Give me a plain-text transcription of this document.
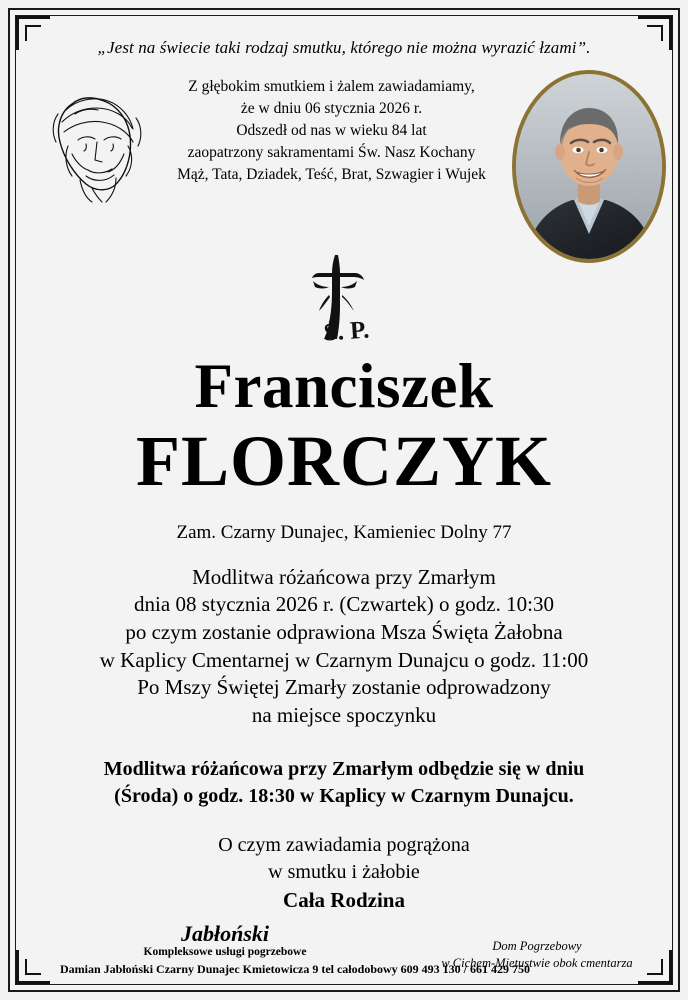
„Jest na świecie taki rodzaj smutku, którego nie można wyrazić łzami”.
Z głębokim smutkiem i żalem zawiadamiamy,
że w dniu 06 stycznia 2026 r.
Odszedł od nas w wieku 84 lat
zaopatrzony sakramentami Św. Nasz Kochany
Mąż, Tata, Dziadek, Teść, Brat, Szwagier i Wujek
Ś. P.
Franciszek
FLORCZYK
Zam. Czarny Dunajec, Kamieniec Dolny 77
Modlitwa różańcowa przy Zmarłym
dnia 08 stycznia 2026 r. (Czwartek) o godz. 10:30
po czym zostanie odprawiona Msza Święta Żałobna
w Kaplicy Cmentarnej w Czarnym Dunajcu o godz. 11:00
Po Mszy Świętej Zmarły zostanie odprowadzony
na miejsce spoczynku
Modlitwa różańcowa przy Zmarłym odbędzie się w dniu
(Środa) o godz. 18:30 w Kaplicy w Czarnym Dunajcu.
O czym zawiadamia pogrążona
w smutku i żałobie
Cała Rodzina
Jabłoński
Kompleksowe usługi pogrzebowe
Damian Jabłoński Czarny Dunajec Kmietowicza 9 tel całodobowy 609 493 130 / 661 429 750
Dom Pogrzebowy
w Cichem-Mietustwie obok cmentarza
